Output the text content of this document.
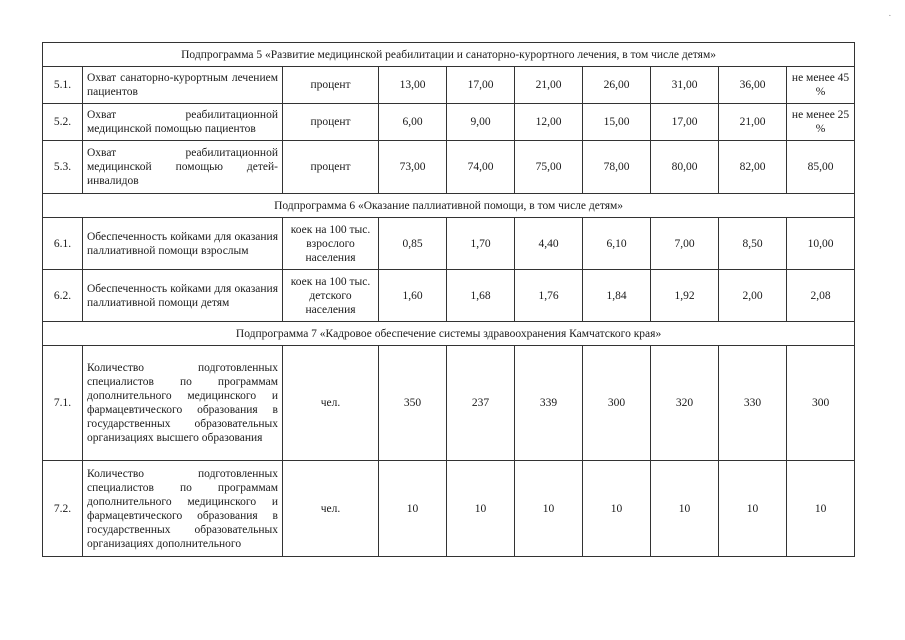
.
Подпрограмма 5 «Развитие медицинской реабилитации и санаторно-курортного лечения, в том числе детям»									
5.1.	Охват санаторно-курортным лечением пациентов	процент	13,00	17,00	21,00	26,00	31,00	36,00	не менее 45 %
5.2.	Охват реабилитационной медицинской помощью пациентов	процент	6,00	9,00	12,00	15,00	17,00	21,00	не менее 25 %
5.3.	Охват реабилитационной медицинской помощью детей-инвалидов	процент	73,00	74,00	75,00	78,00	80,00	82,00	85,00
Подпрограмма 6 «Оказание паллиативной помощи, в том числе детям»									
6.1.	Обеспеченность койками для оказания паллиативной помощи взрослым	коек на 100 тыс. взрослого населения	0,85	1,70	4,40	6,10	7,00	8,50	10,00
6.2.	Обеспеченность койками для оказания паллиативной помощи детям	коек на 100 тыс. детского населения	1,60	1,68	1,76	1,84	1,92	2,00	2,08
Подпрограмма 7 «Кадровое обеспечение системы здравоохранения Камчатского края»									
7.1.	Количество подготовленных специалистов по программам дополнительного медицинского и фармацевтического образования в государственных образовательных организациях высшего образования	чел.	350	237	339	300	320	330	300
7.2.	Количество подготовленных специалистов по программам дополнительного медицинского и фармацевтического образования в государственных образовательных организациях дополнительного	чел.	10	10	10	10	10	10	10
